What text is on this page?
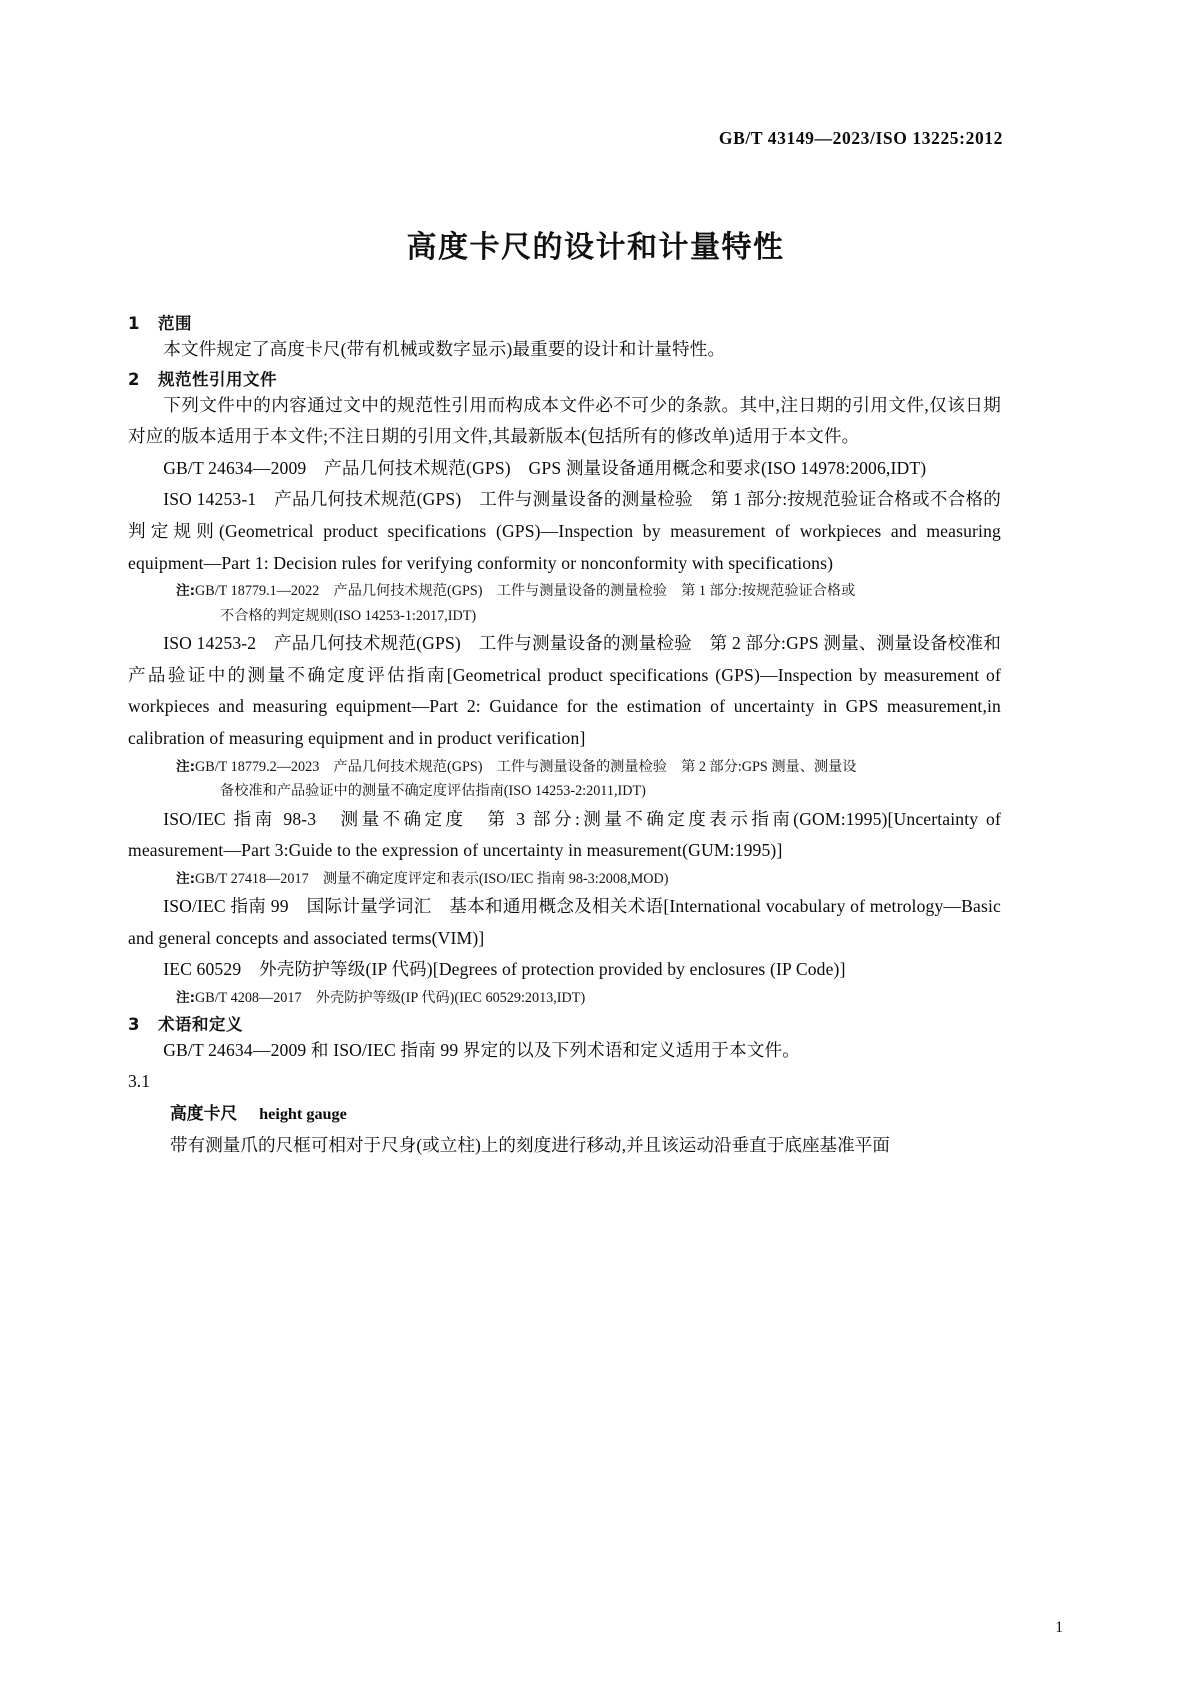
GB/T 43149—2023/ISO 13225:2012
高度卡尺的设计和计量特性
1 范围

本文件规定了高度卡尺(带有机械或数字显示)最重要的设计和计量特性。

2 规范性引用文件

下列文件中的内容通过文中的规范性引用而构成本文件必不可少的条款。其中,注日期的引用文件,仅该日期对应的版本适用于本文件;不注日期的引用文件,其最新版本(包括所有的修改单)适用于本文件。

GB/T 24634—2009　产品几何技术规范(GPS)　GPS 测量设备通用概念和要求(ISO 14978:2006,IDT)

ISO 14253-1　产品几何技术规范(GPS)　工件与测量设备的测量检验　第 1 部分:按规范验证合格或不合格的判定规则(Geometrical product specifications (GPS)—Inspection by measurement of workpieces and measuring equipment—Part 1: Decision rules for verifying conformity or nonconformity with specifications)

注:GB/T 18779.1—2022　产品几何技术规范(GPS)　工件与测量设备的测量检验　第 1 部分:按规范验证合格或

不合格的判定规则(ISO 14253-1:2017,IDT)

ISO 14253-2　产品几何技术规范(GPS)　工件与测量设备的测量检验　第 2 部分:GPS 测量、测量设备校准和产品验证中的测量不确定度评估指南[Geometrical product specifications (GPS)—Inspection by measurement of workpieces and measuring equipment—Part 2: Guidance for the estimation of uncertainty in GPS measurement,in calibration of measuring equipment and in product verification]

注:GB/T 18779.2—2023　产品几何技术规范(GPS)　工件与测量设备的测量检验　第 2 部分:GPS 测量、测量设

备校准和产品验证中的测量不确定度评估指南(ISO 14253-2:2011,IDT)

ISO/IEC 指南 98-3　测量不确定度　第 3 部分:测量不确定度表示指南(GOM:1995)[Uncertainty of measurement—Part 3:Guide to the expression of uncertainty in measurement(GUM:1995)]

注:GB/T 27418—2017　测量不确定度评定和表示(ISO/IEC 指南 98-3:2008,MOD)

ISO/IEC 指南 99　国际计量学词汇　基本和通用概念及相关术语[International vocabulary of metrology—Basic and general concepts and associated terms(VIM)]

IEC 60529　外壳防护等级(IP 代码)[Degrees of protection provided by enclosures (IP Code)]

注:GB/T 4208—2017　外壳防护等级(IP 代码)(IEC 60529:2013,IDT)

3 术语和定义

GB/T 24634—2009 和 ISO/IEC 指南 99 界定的以及下列术语和定义适用于本文件。

3.1

高度卡尺 height gauge

带有测量爪的尺框可相对于尺身(或立柱)上的刻度进行移动,并且该运动沿垂直于底座基准平面

1
